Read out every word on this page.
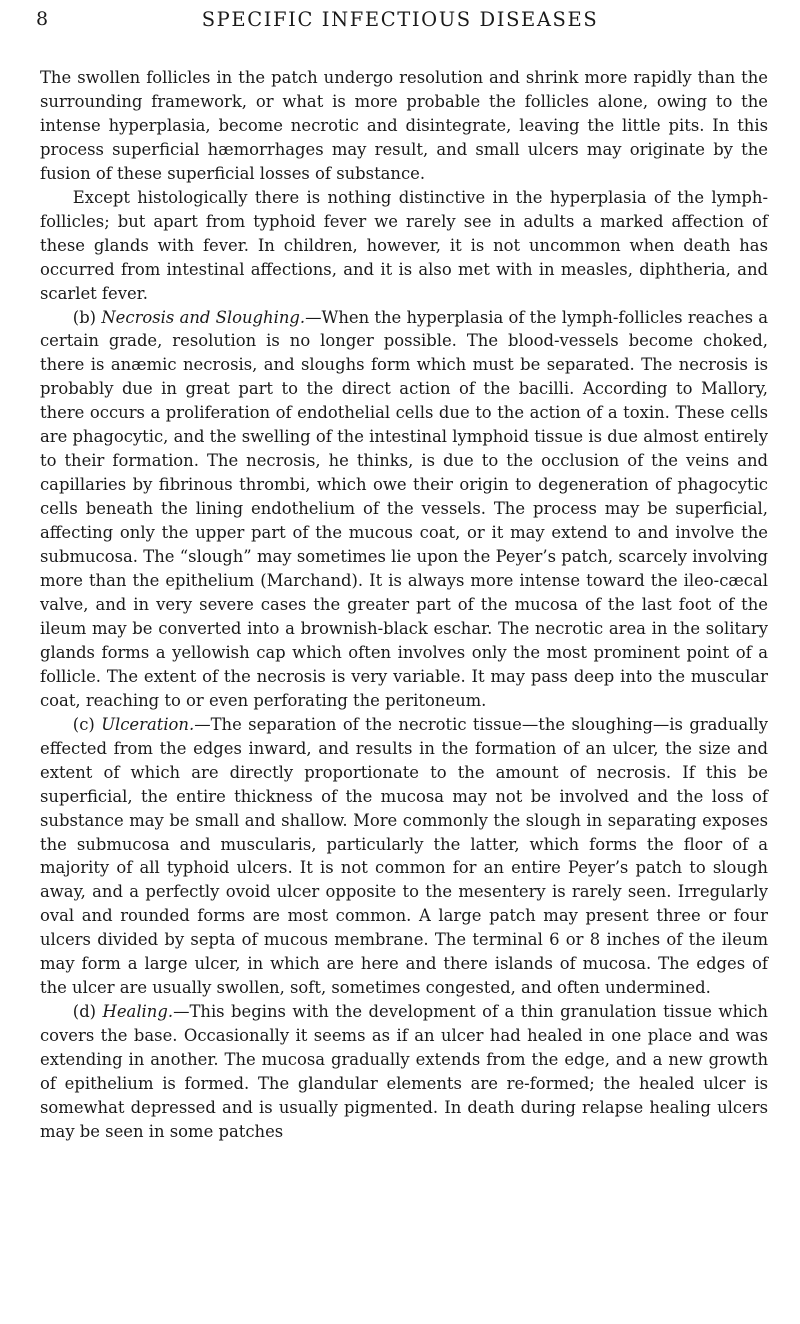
8	SPECIFIC INFECTIOUS DISEASES

The swollen follicles in the patch undergo resolution and shrink more rapidly than the surrounding framework, or what is more probable the follicles alone, owing to the intense hyperplasia, become necrotic and disintegrate, leaving the little pits. In this process superficial hæmorrhages may result, and small ulcers may originate by the fusion of these superficial losses of substance.

Except histologically there is nothing distinctive in the hyperplasia of the lymph-follicles; but apart from typhoid fever we rarely see in adults a marked affection of these glands with fever. In children, however, it is not uncommon when death has occurred from intestinal affections, and it is also met with in measles, diphtheria, and scarlet fever.

(b) Necrosis and Sloughing.—When the hyperplasia of the lymph-follicles reaches a certain grade, resolution is no longer possible. The blood-vessels become choked, there is anæmic necrosis, and sloughs form which must be separated. The necrosis is probably due in great part to the direct action of the bacilli. According to Mallory, there occurs a proliferation of endothelial cells due to the action of a toxin. These cells are phagocytic, and the swelling of the intestinal lymphoid tissue is due almost entirely to their formation. The necrosis, he thinks, is due to the occlusion of the veins and capillaries by fibrinous thrombi, which owe their origin to degeneration of phagocytic cells beneath the lining endothelium of the vessels. The process may be superficial, affecting only the upper part of the mucous coat, or it may extend to and involve the submucosa. The “slough” may sometimes lie upon the Peyer’s patch, scarcely involving more than the epithelium (Marchand). It is always more intense toward the ileo-cæcal valve, and in very severe cases the greater part of the mucosa of the last foot of the ileum may be converted into a brownish-black eschar. The necrotic area in the solitary glands forms a yellowish cap which often involves only the most prominent point of a follicle. The extent of the necrosis is very variable. It may pass deep into the muscular coat, reaching to or even perforating the peritoneum.

(c) Ulceration.—The separation of the necrotic tissue—the sloughing—is gradually effected from the edges inward, and results in the formation of an ulcer, the size and extent of which are directly proportionate to the amount of necrosis. If this be superficial, the entire thickness of the mucosa may not be involved and the loss of substance may be small and shallow. More commonly the slough in separating exposes the submucosa and muscularis, particularly the latter, which forms the floor of a majority of all typhoid ulcers. It is not common for an entire Peyer’s patch to slough away, and a perfectly ovoid ulcer opposite to the mesentery is rarely seen. Irregularly oval and rounded forms are most common. A large patch may present three or four ulcers divided by septa of mucous membrane. The terminal 6 or 8 inches of the ileum may form a large ulcer, in which are here and there islands of mucosa. The edges of the ulcer are usually swollen, soft, sometimes congested, and often undermined.

(d) Healing.—This begins with the development of a thin granulation tissue which covers the base. Occasionally it seems as if an ulcer had healed in one place and was extending in another. The mucosa gradually extends from the edge, and a new growth of epithelium is formed. The glandular elements are re-formed; the healed ulcer is somewhat depressed and is usually pigmented. In death during relapse healing ulcers may be seen in some patches
